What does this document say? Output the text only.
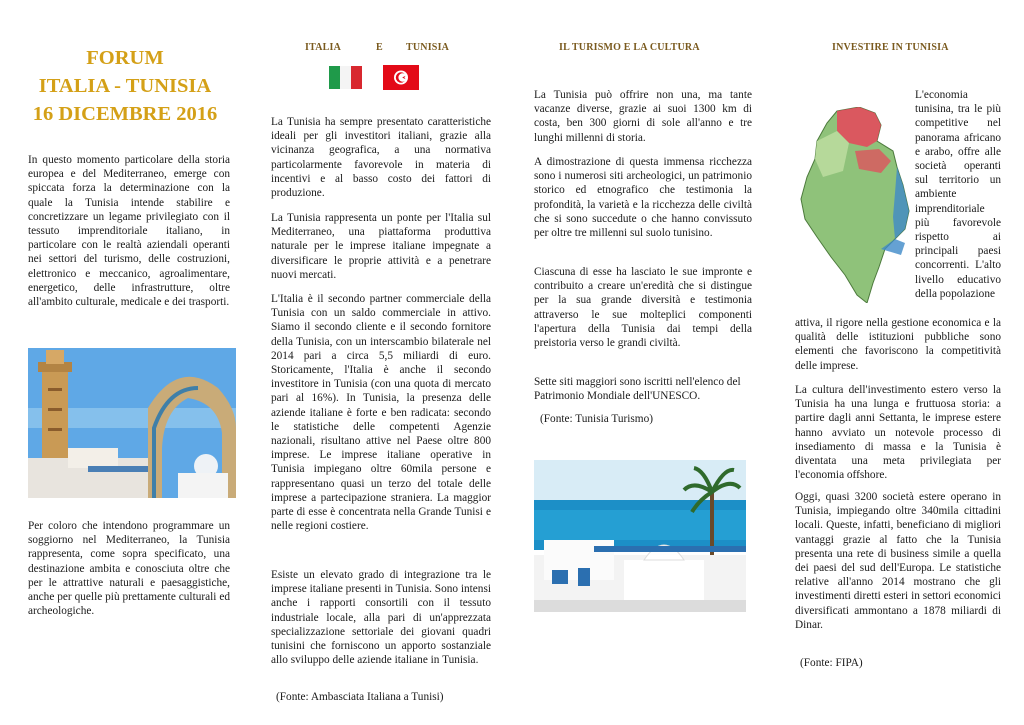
FORUM
ITALIA - TUNISIA
16 DICEMBRE 2016

In questo momento particolare della storia europea e del Mediterraneo, emerge con spiccata forza la determinazione con la quale la Tunisia intende stabilire e concretizzare un legame privilegiato con il tessuto imprenditoriale italiano, in particolare con le realtà aziendali operanti nei settori del turismo, delle costruzioni, elettronico e meccanico, agroalimentare, energetico, delle infrastrutture, oltre all'ambito culturale, medicale e dei trasporti.

Per coloro che intendono programmare un soggiorno nel Mediterraneo, la Tunisia rappresenta, come sopra specificato, una destinazione ambita e conosciuta oltre che per le attrattive naturali e paesaggistiche, anche per quelle più prettamente culturali ed archeologiche.

ITALIA	E TUNISIA

La Tunisia ha sempre presentato caratteristiche ideali per gli investitori italiani, grazie alla vicinanza geografica, a una normativa particolarmente favorevole in materia di incentivi e al basso costo dei fattori di produzione.

La Tunisia rappresenta un ponte per l'Italia sul Mediterraneo, una piattaforma produttiva naturale per le imprese italiane impegnate a diversificare le proprie attività e a penetrare nuovi mercati.

L'Italia è il secondo partner commerciale della Tunisia con un saldo commerciale in attivo. Siamo il secondo cliente e il secondo fornitore della Tunisia, con un interscambio bilaterale nel 2014 pari a circa 5,5 miliardi di euro. Storicamente, l'Italia è anche il secondo investitore in Tunisia (con una quota di mercato pari al 16%). In Tunisia, la presenza delle aziende italiane è forte e ben radicata: secondo le statistiche delle competenti Agenzie nazionali, risultano attive nel Paese oltre 800 imprese. Le imprese italiane operative in Tunisia impiegano oltre 60mila persone e rappresentano quasi un terzo del totale delle imprese a partecipazione straniera. La maggior parte di esse è concentrata nella Grande Tunisi e nelle regioni costiere.

Esiste un elevato grado di integrazione tra le imprese italiane presenti in Tunisia. Sono intensi anche i rapporti consortili con il tessuto industriale locale, alla pari di un'apprezzata specializzazione settoriale dei giovani quadri tunisini che forniscono un apporto sostanziale allo sviluppo delle aziende italiane in Tunisia.

(Fonte: Ambasciata Italiana a Tunisi)

IL TURISMO E LA CULTURA

La Tunisia può offrire non una, ma tante vacanze diverse, grazie ai suoi 1300 km di costa, ben 300 giorni di sole all'anno e tre lunghi millenni di storia.

A dimostrazione di questa immensa ricchezza sono i numerosi siti archeologici, un patrimonio storico ed etnografico che testimonia la profondità, la varietà e la ricchezza delle civiltà che si sono succedute o che hanno convissuto per oltre tre millenni sul suolo tunisino.

Ciascuna di esse ha lasciato le sue impronte e contribuito a creare un'eredità che si distingue per la sua grande diversità e testimonia attraverso le sue molteplici componenti l'apertura della Tunisia dai tempi della preistoria verso le grandi civiltà.

Sette siti maggiori sono iscritti nell'elenco del Patrimonio Mondiale dell'UNESCO.

(Fonte: Tunisia Turismo)

INVESTIRE IN TUNISIA

L'economia tunisina, tra le più competitive nel panorama africano e arabo, offre alle società operanti sul territorio un ambiente imprenditoriale più favorevole rispetto ai principali paesi concorrenti. L'alto livello educativo della popolazione

attiva, il rigore nella gestione economica e la qualità delle istituzioni pubbliche sono elementi che favoriscono la competitività delle imprese.

La cultura dell'investimento estero verso la Tunisia ha una lunga e fruttuosa storia: a partire dagli anni Settanta, le imprese estere hanno avviato un notevole processo di insediamento di massa e la Tunisia è diventata una meta privilegiata per l'economia offshore.

Oggi, quasi 3200 società estere operano in Tunisia, impiegando oltre 340mila cittadini locali. Queste, infatti, beneficiano di migliori vantaggi grazie al fatto che la Tunisia presenta una rete di business simile a quella dei paesi del sud dell'Europa. Le statistiche relative all'anno 2014 mostrano che gli investimenti diretti esteri in settori economici diversificati ammontano a 1878 miliardi di Dinar.

(Fonte: FIPA)
